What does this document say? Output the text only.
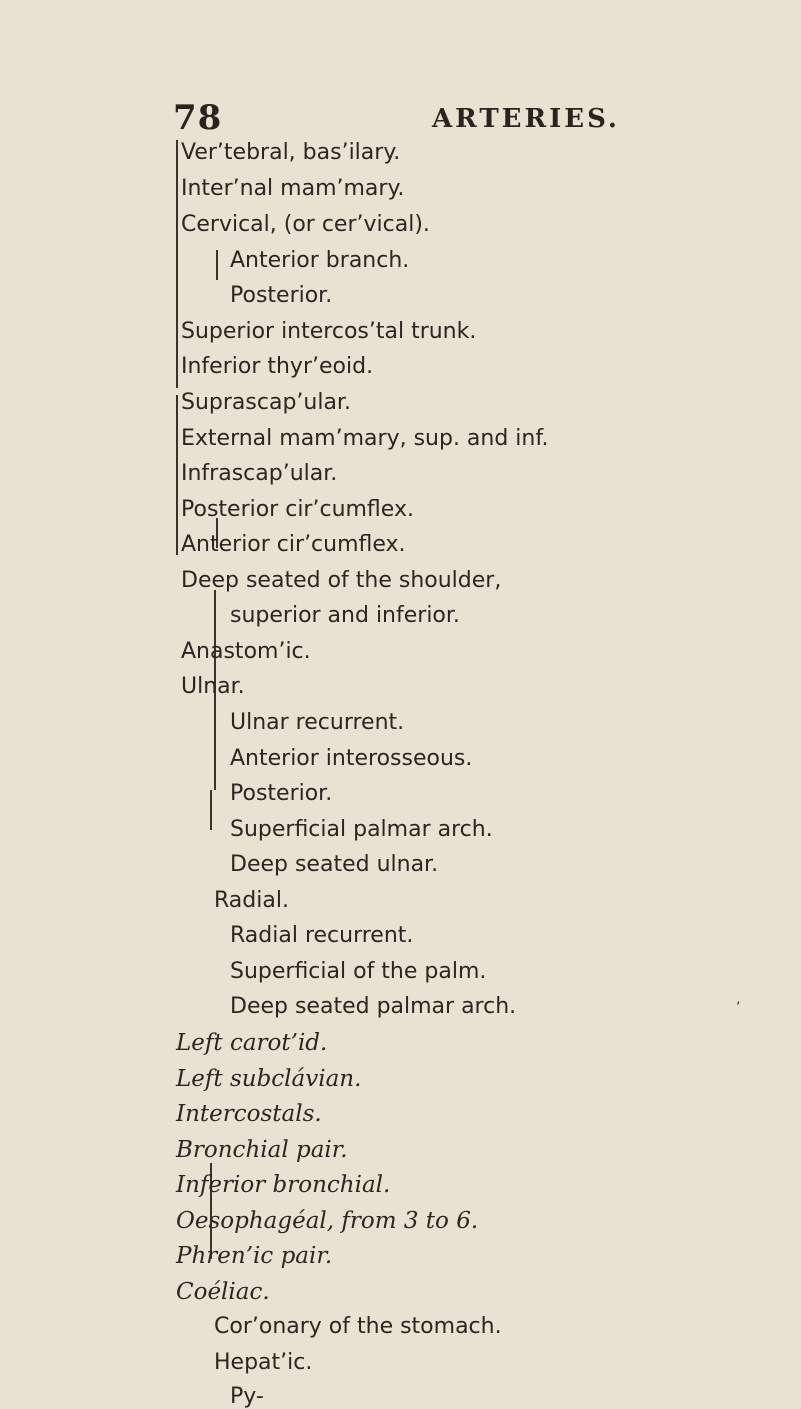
78	ARTERIES.
’
Ver’tebral, bas’ilary.
Inter’nal mam’mary.
Cervical, (or cer’vical).
Anterior branch.
Posterior.
Superior intercos’tal trunk.
Inferior thyr’eoid.
Suprascap’ular.
External mam’mary, sup. and inf.
Infrascap’ular.
Posterior cir’cumflex.
Anterior cir’cumflex.
Deep seated of the shoulder,
superior and inferior.
Anastom’ic.
Ulnar.
Ulnar recurrent.
Anterior interosseous.
Posterior.
Superficial palmar arch.
Deep seated ulnar.
Radial.
Radial recurrent.
Superficial of the palm.
Deep seated palmar arch.
Left carot’id.
Left subclávian.
Intercostals.
Bronchial pair.
Inferior bronchial.
Oesophagéal, from 3 to 6.
Phren’ic pair.
Coéliac.
Cor’onary of the stomach.
Hepat’ic.
Py-
